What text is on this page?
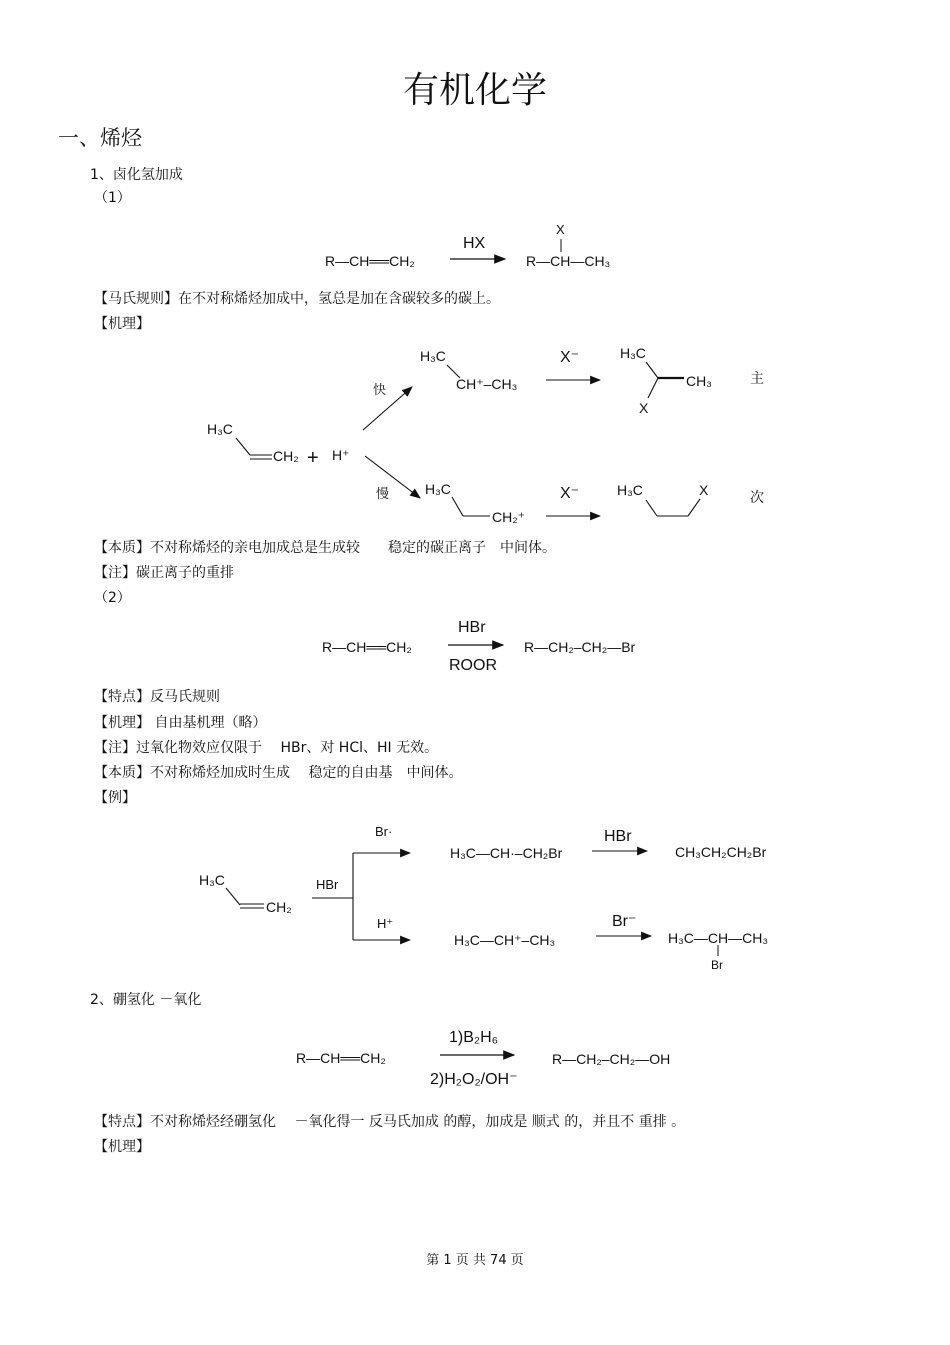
有机化学
一、烯烃
1、卤化氢加成
（1）
【马氏规则】在不对称烯烃加成中，氢总是加在含碳较多的碳上。
【机理】
【本质】不对称烯烃的亲电加成总是生成较　　稳定的碳正离子　中间体。
【注】碳正离子的重排
（2）
【特点】反马氏规则
【机理】 自由基机理（略）
【注】过氧化物效应仅限于　 HBr、对 HCl、HI 无效。
【本质】不对称烯烃加成时生成　 稳定的自由基　中间体。
【例】
2、硼氢化 －氧化
【特点】不对称烯烃经硼氢化　 －氧化得一 反马氏加成 的醇，加成是 顺式 的，并且不 重排 。
【机理】
第 1 页 共 74 页
R—CH══CH₂
HX
X
R—CH—CH₃
H₃C
CH₂ + H⁺
快
慢
H₃C
CH⁺–CH₃
H₃C
CH₂⁺
X⁻
X⁻
H₃C
CH₃
X
主
H₃C	X	次
R—CH══CH₂
HBr
ROOR
R—CH₂–CH₂—Br
H₃C
CH₂
HBr
Br·
H⁺
H₃C—CH·–CH₂Br
H₃C—CH⁺–CH₃
HBr
Br⁻
CH₃CH₂CH₂Br
H₃C—CH—CH₃
Br
R—CH══CH₂
1)B₂H₆
2)H₂O₂/OH⁻
R—CH₂–CH₂—OH
